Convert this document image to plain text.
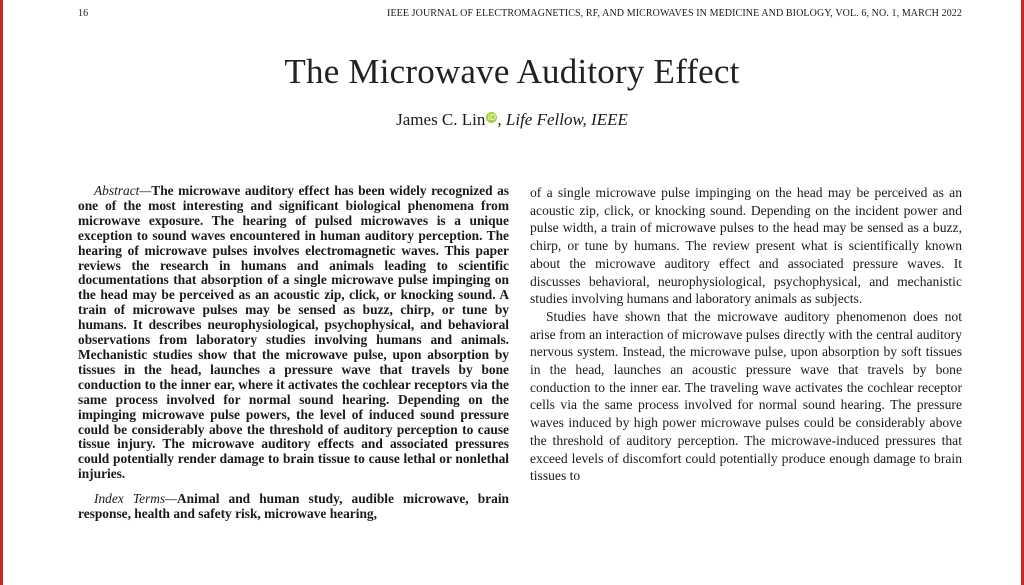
16	IEEE JOURNAL OF ELECTROMAGNETICS, RF, AND MICROWAVES IN MEDICINE AND BIOLOGY, VOL. 6, NO. 1, MARCH 2022
The Microwave Auditory Effect
James C. Lin iD, Life Fellow, IEEE

Abstract—The microwave auditory effect has been widely recognized as one of the most interesting and significant biological phenomena from microwave exposure. The hearing of pulsed microwaves is a unique exception to sound waves encountered in human auditory perception. The hearing of microwave pulses involves electromagnetic waves. This paper reviews the research in humans and animals leading to scientific documentations that absorption of a single microwave pulse impinging on the head may be perceived as an acoustic zip, click, or knocking sound. A train of microwave pulses may be sensed as buzz, chirp, or tune by humans. It describes neurophysiological, psychophysical, and behavioral observations from laboratory studies involving humans and animals. Mechanistic studies show that the microwave pulse, upon absorption by tissues in the head, launches a pressure wave that travels by bone conduction to the inner ear, where it activates the cochlear receptors via the same process involved for normal sound hearing. Depending on the impinging microwave pulse powers, the level of induced sound pressure could be considerably above the threshold of auditory perception to cause tissue injury. The microwave auditory effects and associated pressures could potentially render damage to brain tissue to cause lethal or nonlethal injuries.

Index Terms—Animal and human study, audible microwave, brain response, health and safety risk, microwave hearing,

of a single microwave pulse impinging on the head may be perceived as an acoustic zip, click, or knocking sound. Depending on the incident power and pulse width, a train of microwave pulses to the head may be sensed as a buzz, chirp, or tune by humans. The review present what is scientifically known about the microwave auditory effect and associated pressure waves. It discusses behavioral, neurophysiological, psychophysical, and mechanistic studies involving humans and laboratory animals as subjects.

Studies have shown that the microwave auditory phenomenon does not arise from an interaction of microwave pulses directly with the central auditory nervous system. Instead, the microwave pulse, upon absorption by soft tissues in the head, launches an acoustic pressure wave that travels by bone conduction to the inner ear. The traveling wave activates the cochlear receptor cells via the same process involved for normal sound hearing. The pressure waves induced by high power microwave pulses could be considerably above the threshold of auditory perception. The microwave-induced pressures that exceed levels of discomfort could potentially produce enough damage to brain tissues to
